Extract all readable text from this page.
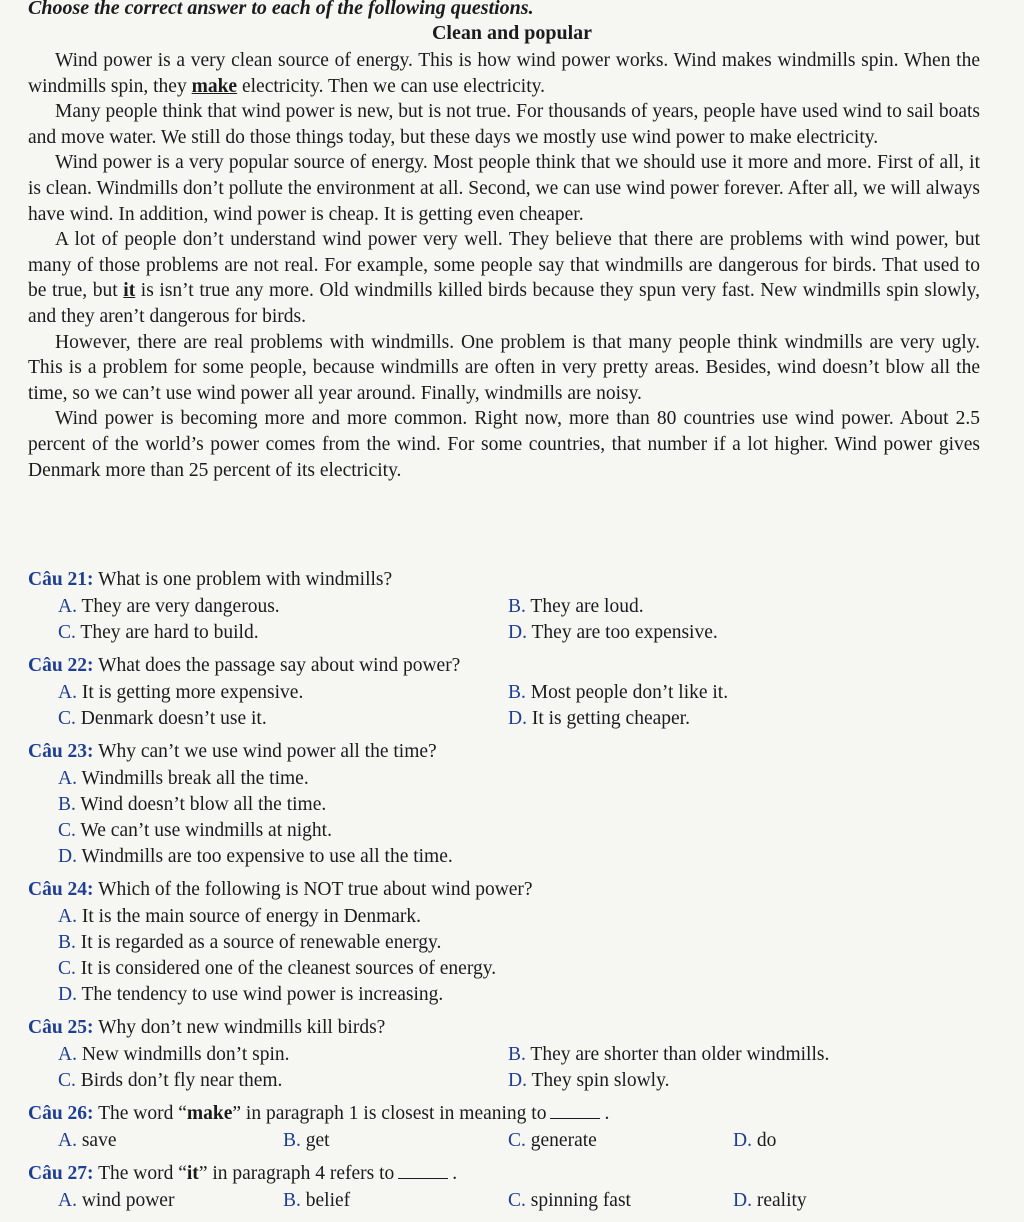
Choose the correct answer to each of the following questions.
Clean and popular

Wind power is a very clean source of energy. This is how wind power works. Wind makes windmills spin. When the windmills spin, they make electricity. Then we can use electricity.

Many people think that wind power is new, but is not true. For thousands of years, people have used wind to sail boats and move water. We still do those things today, but these days we mostly use wind power to make electricity.

Wind power is a very popular source of energy. Most people think that we should use it more and more. First of all, it is clean. Windmills don’t pollute the environment at all. Second, we can use wind power forever. After all, we will always have wind. In addition, wind power is cheap. It is getting even cheaper.

A lot of people don’t understand wind power very well. They believe that there are problems with wind power, but many of those problems are not real. For example, some people say that windmills are dangerous for birds. That used to be true, but it is isn’t true any more. Old windmills killed birds because they spun very fast. New windmills spin slowly, and they aren’t dangerous for birds.

However, there are real problems with windmills. One problem is that many people think windmills are very ugly. This is a problem for some people, because windmills are often in very pretty areas. Besides, wind doesn’t blow all the time, so we can’t use wind power all year around. Finally, windmills are noisy.

Wind power is becoming more and more common. Right now, more than 80 countries use wind power. About 2.5 percent of the world’s power comes from the wind. For some countries, that number if a lot higher. Wind power gives Denmark more than 25 percent of its electricity.

Câu 21: What is one problem with windmills?
A. They are very dangerous.	B. They are loud.
C. They are hard to build.	D. They are too expensive.
Câu 22: What does the passage say about wind power?
A. It is getting more expensive.	B. Most people don’t like it.
C. Denmark doesn’t use it.	D. It is getting cheaper.
Câu 23: Why can’t we use wind power all the time?
A. Windmills break all the time.
B. Wind doesn’t blow all the time.
C. We can’t use windmills at night.
D. Windmills are too expensive to use all the time.
Câu 24: Which of the following is NOT true about wind power?
A. It is the main source of energy in Denmark.
B. It is regarded as a source of renewable energy.
C. It is considered one of the cleanest sources of energy.
D. The tendency to use wind power is increasing.
Câu 25: Why don’t new windmills kill birds?
A. New windmills don’t spin.	B. They are shorter than older windmills.
C. Birds don’t fly near them.	D. They spin slowly.
Câu 26: The word “make” in paragraph 1 is closest in meaning to	.
A. save	B. get	C. generate	D. do
Câu 27: The word “it” in paragraph 4 refers to	.
A. wind power	B. belief	C. spinning fast	D. reality
